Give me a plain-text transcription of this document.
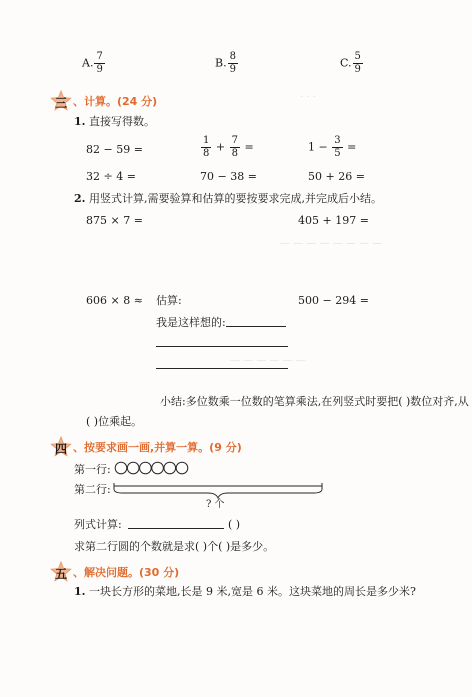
A. $\frac{7}{9}$	B. $\frac{8}{9}$	C. $\frac{5}{9}$
· · ·
— — — — — — — —
— — — — — —
三 、计算。(24 分)
1. 直接写得数。
82 − 59 =	$\frac{1}{8} + \frac{7}{8}$ =	$1 - \frac{3}{5}$ =
32 ÷ 4 =	70 − 38 =	50 + 26 =
2. 用竖式计算,需要验算和估算的要按要求完成,并完成后小结。
875 × 7 =	405 + 197 =
606 × 8 ≈ 估算:	500 − 294 =
我是这样想的:
小结:多位数乘一位数的笔算乘法,在列竖式时要把( )数位对齐,从
( )位乘起。
四 、按要求画一画,并算一算。(9 分)
第一行:
第二行:
? 个
列式计算:	( )
求第二行圆的个数就是求( )个( )是多少。
五 、解决问题。(30 分)
1. 一块长方形的菜地,长是 9 米,宽是 6 米。这块菜地的周长是多少米?
